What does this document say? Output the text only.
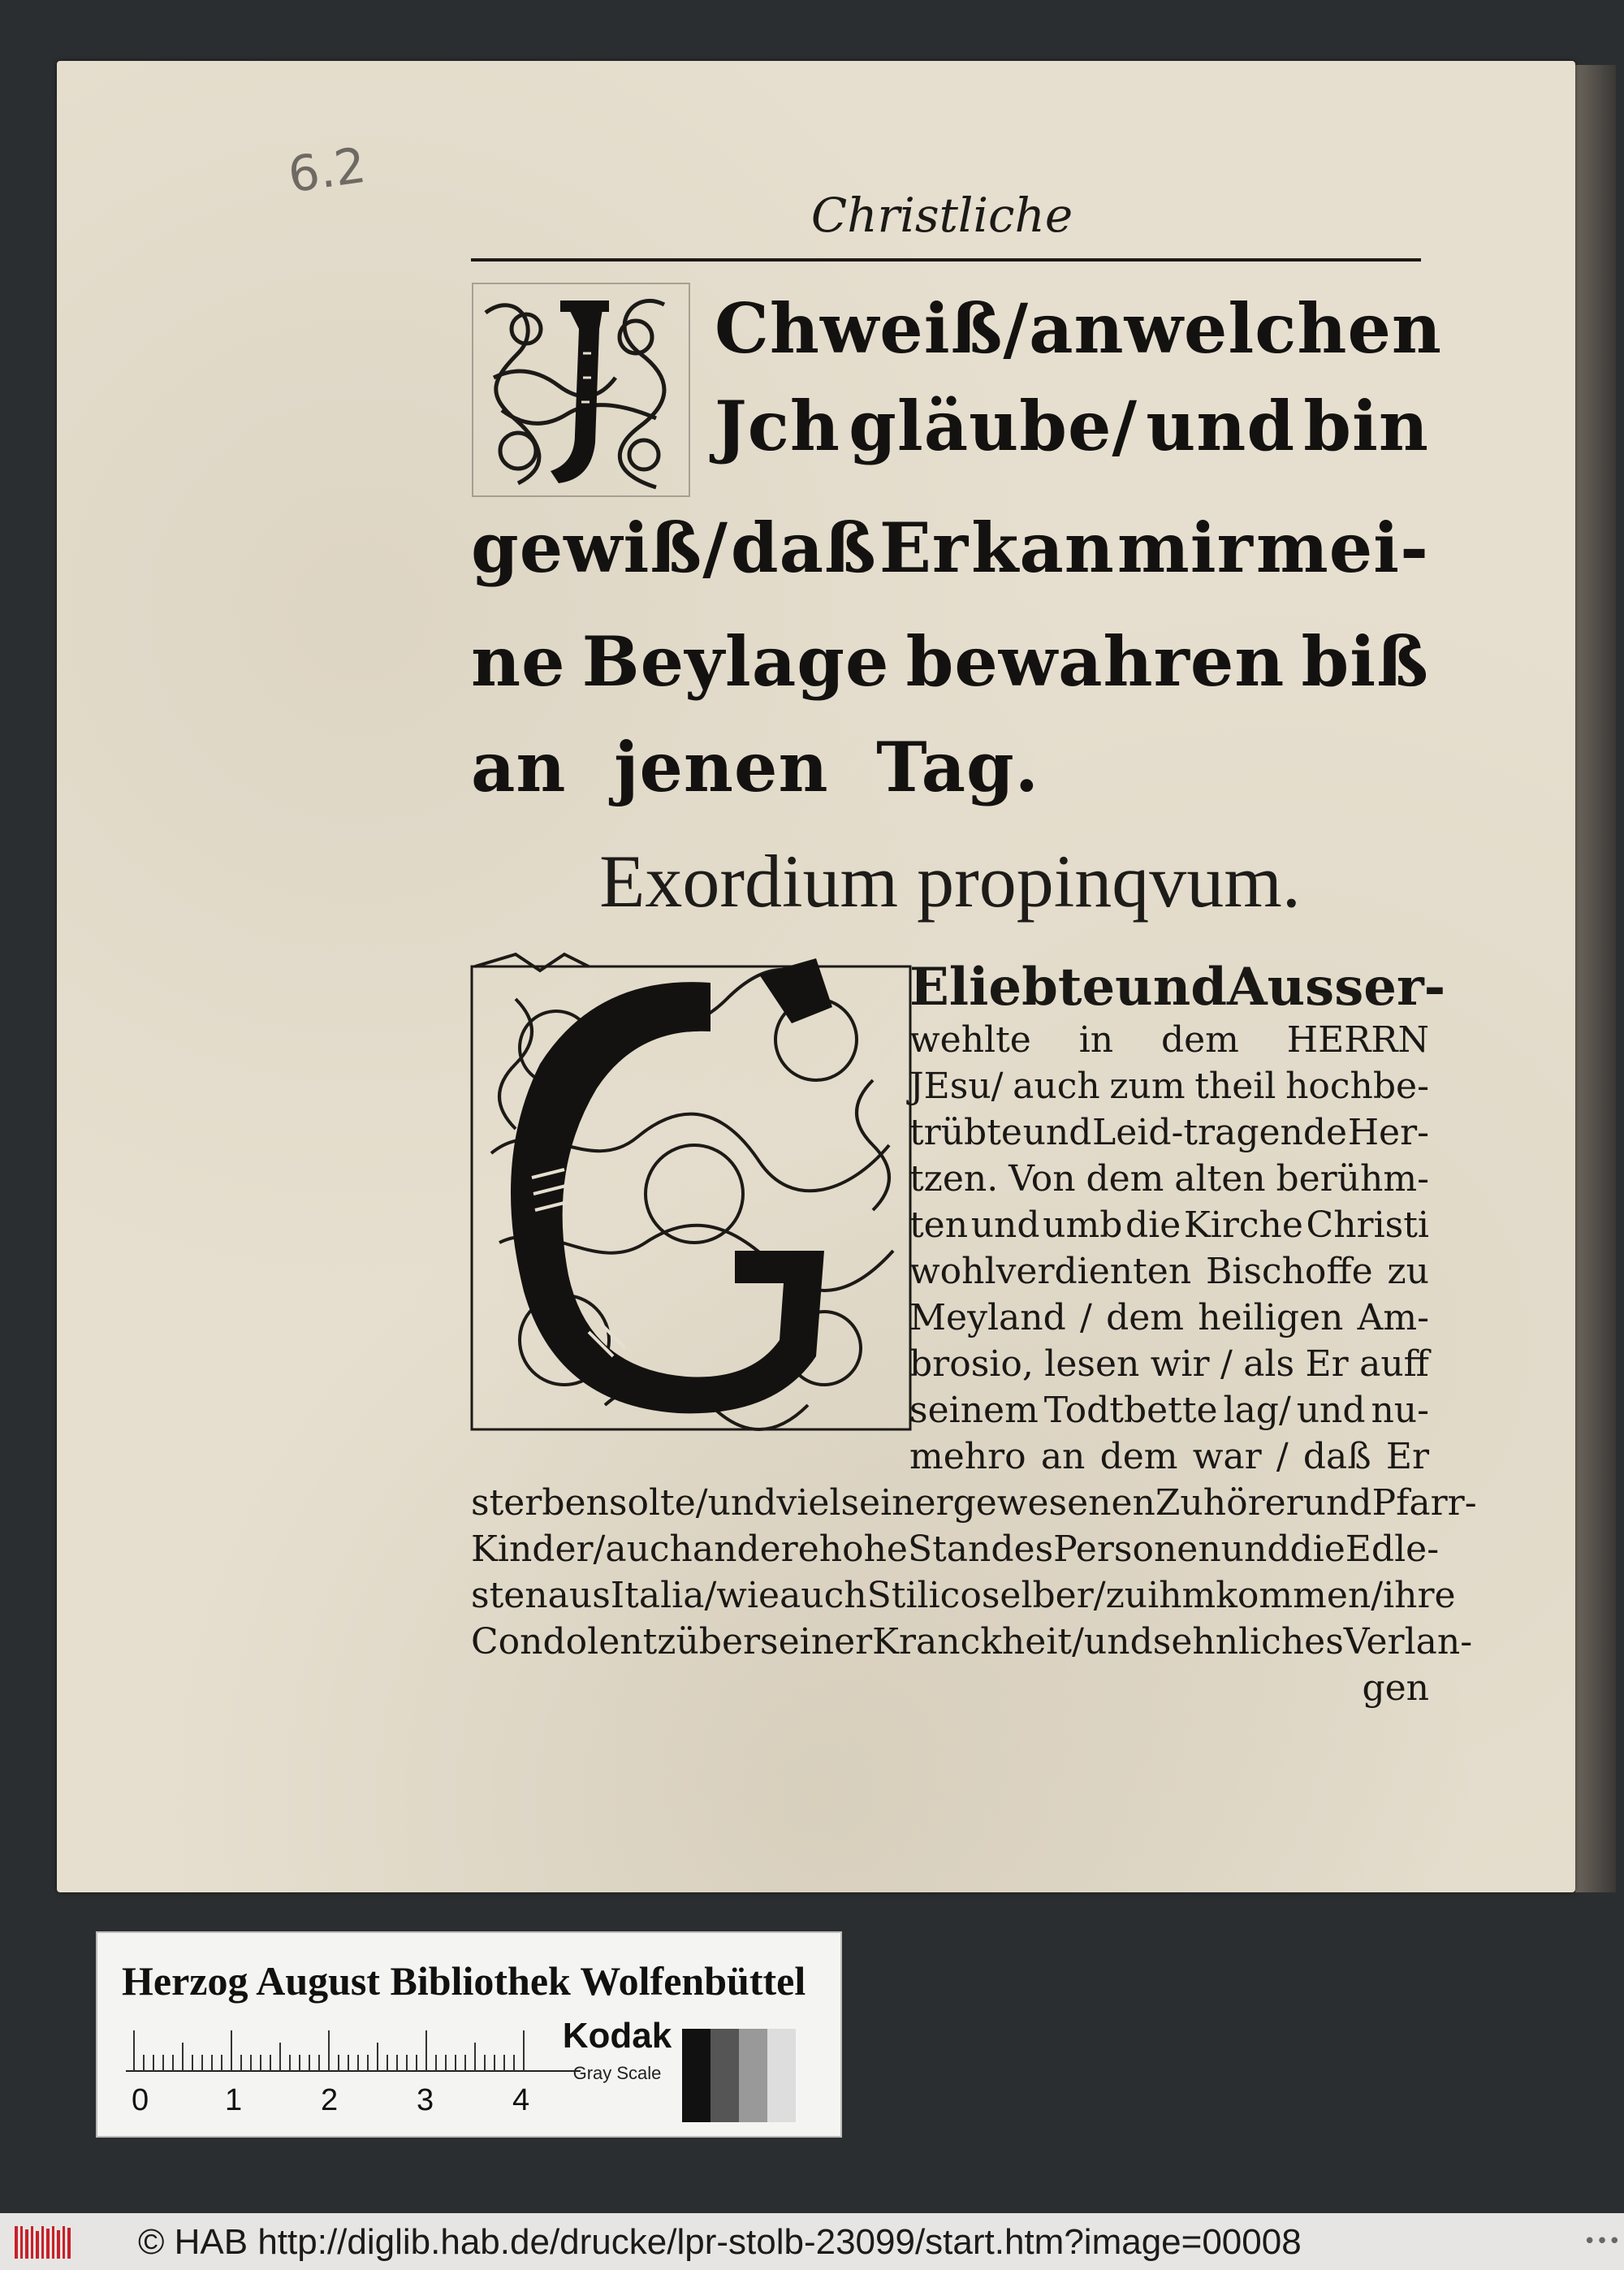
6.2
Christliche
Ch weiß/ an welchen
Jch gläube/ und bin
gewiß/ daß Er kan mir mei-
ne Beylage bewahren biß
an jenen Tag.
Exordium propinqvum.
Eliebte und Ausser-
wehlte in dem HERRN
JEsu/ auch zum theil hochbe-
trübte und Leid-tragende Her-
tzen. Von dem alten berühm-
ten und umb die Kirche Christi
wohlverdienten Bischoffe zu
Meyland / dem heiligen Am-
brosio, lesen wir / als Er auff
seinem Todtbette lag/ und nu-
mehro an dem war / daß Er
sterben solte/ und viel seiner gewesenen Zuhörer und Pfarr-
Kinder/ auch andere hohe Standes Personen und die Edle-
sten aus Italia/wie auch Stilico selber/ zu ihm kommen/ihre
Condolentz über seiner Kranckheit/ und sehnliches Verlan-
gen
Herzog August Bibliothek Wolfenbüttel
0 1	2	3	4
Kodak
Gray Scale
© HAB http://diglib.hab.de/drucke/lpr-stolb-23099/start.htm?image=00008	•••
